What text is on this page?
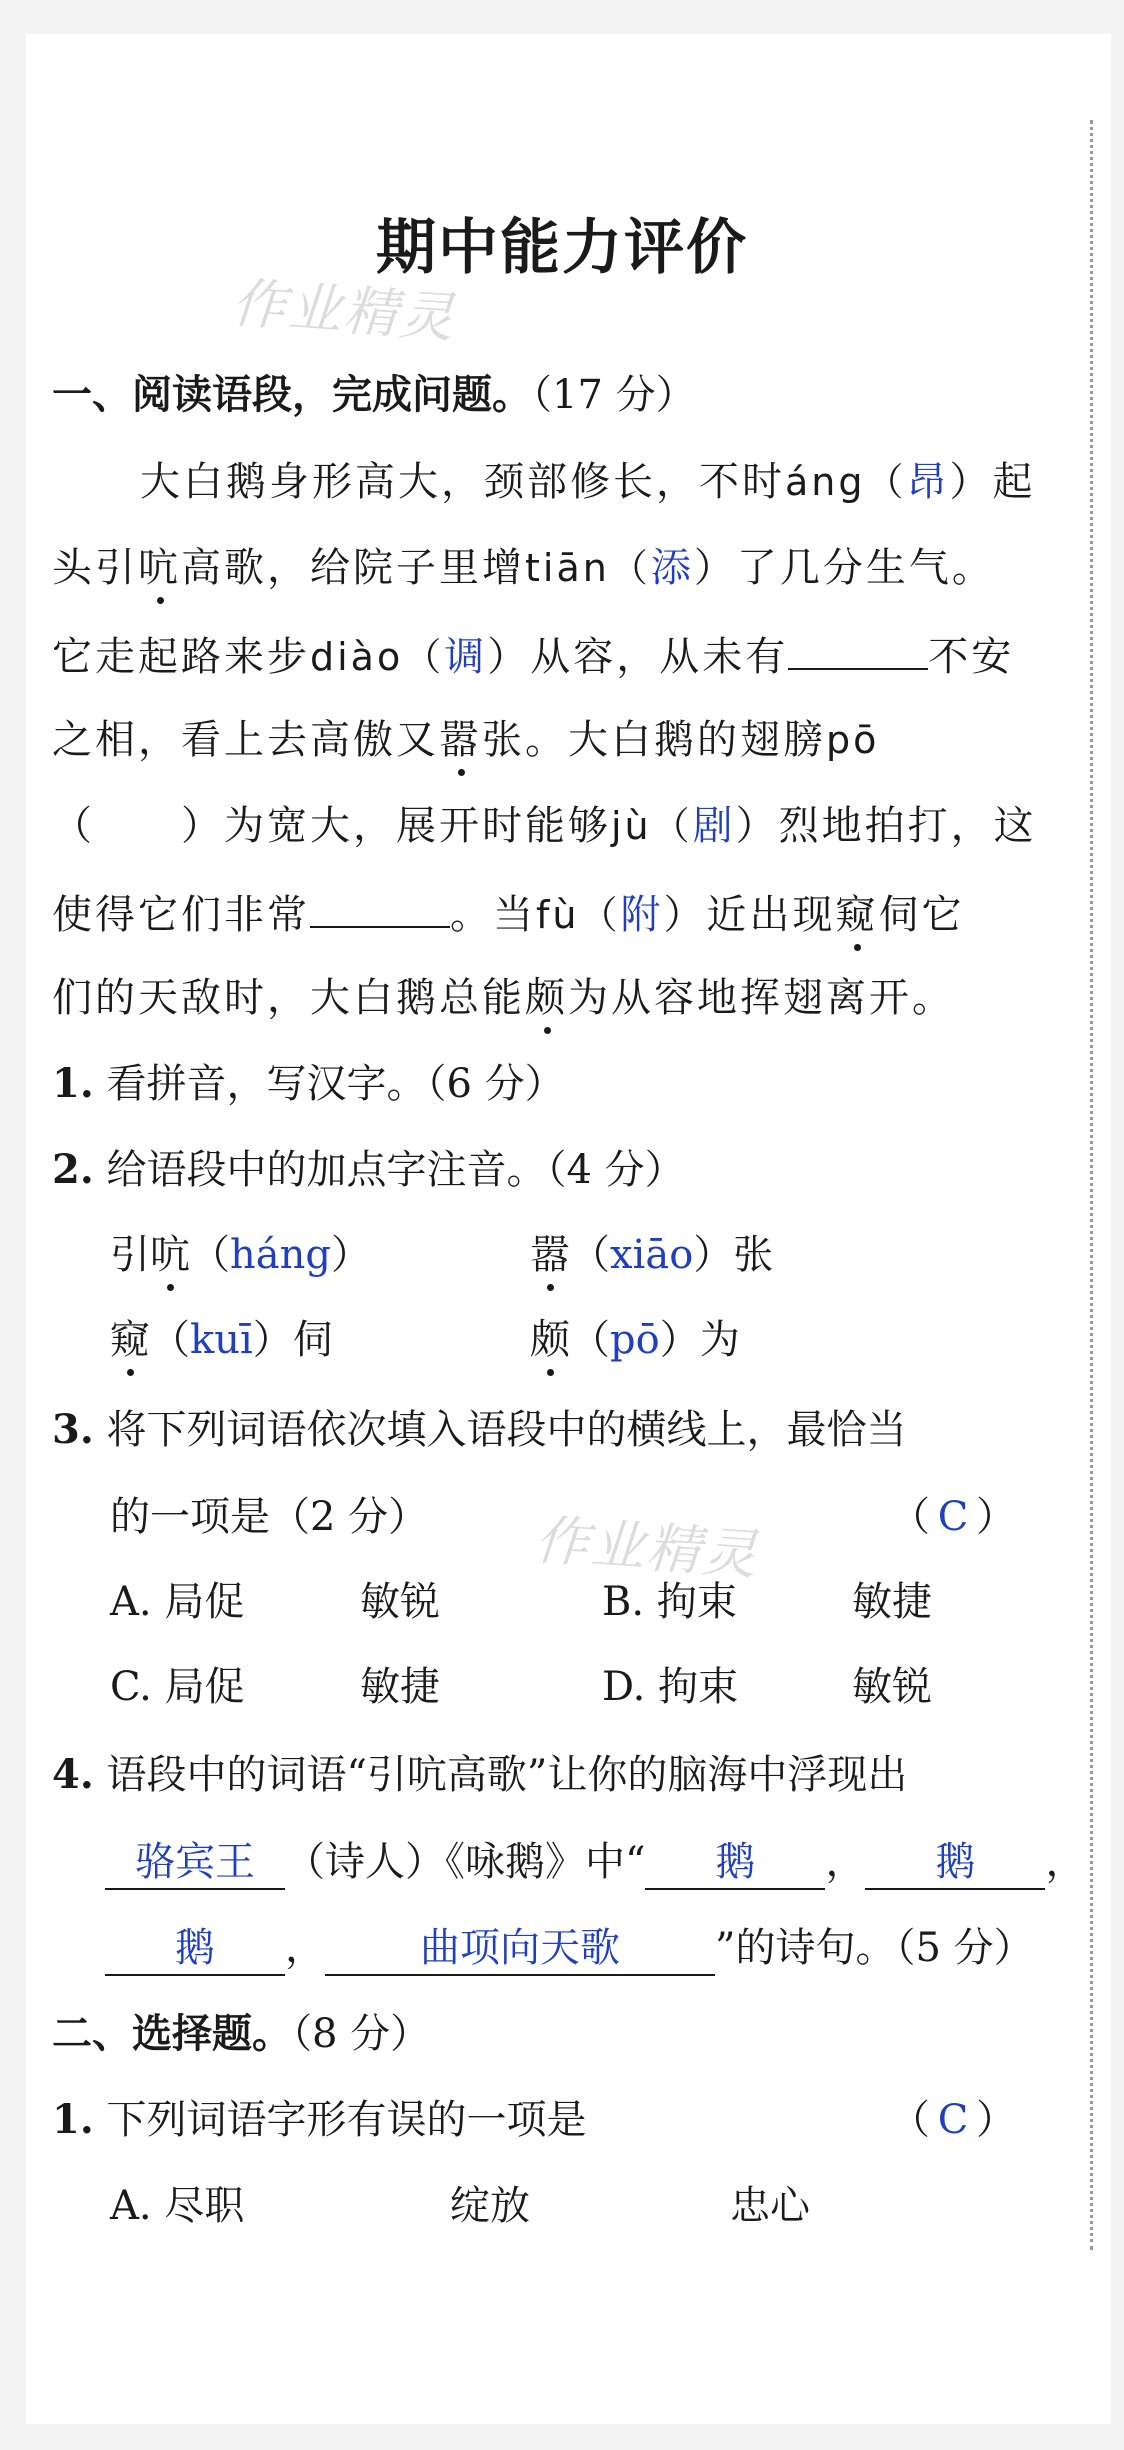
期中能力评价
作业精灵
作业精灵
一、阅读语段，完成问题。（17 分）
大白鹅身形高大，颈部修长，不时áng（昂）起
头引吭高歌，给院子里增tiān（添）了几分生气。
它走起路来步diào（调）从容，从未有	不安
之相，看上去高傲又嚣张。大白鹅的翅膀pō
（　　）为宽大，展开时能够jù（剧）烈地拍打，这
使得它们非常	。当fù（附）近出现窥伺它
们的天敌时，大白鹅总能颇为从容地挥翅离开。
1. 看拼音，写汉字。（6 分）
2. 给语段中的加点字注音。（4 分）
引吭（háng）	嚣（xiāo）张
窥（kuī）伺	颇（pō）为
3. 将下列词语依次填入语段中的横线上，最恰当
的一项是（2 分）	（ C ）
A. 局促	敏锐	B. 拘束	敏捷
C. 局促	敏捷	D. 拘束	敏锐
4. 语段中的词语“引吭高歌”让你的脑海中浮现出
骆宾王 （诗人）《咏鹅》中“ 鹅 ， 鹅 ，
鹅 ， 曲项向天歌 ”的诗句。（5 分）
二、选择题。（8 分）
1. 下列词语字形有误的一项是	（ C ）
A. 尽职	绽放	忠心
